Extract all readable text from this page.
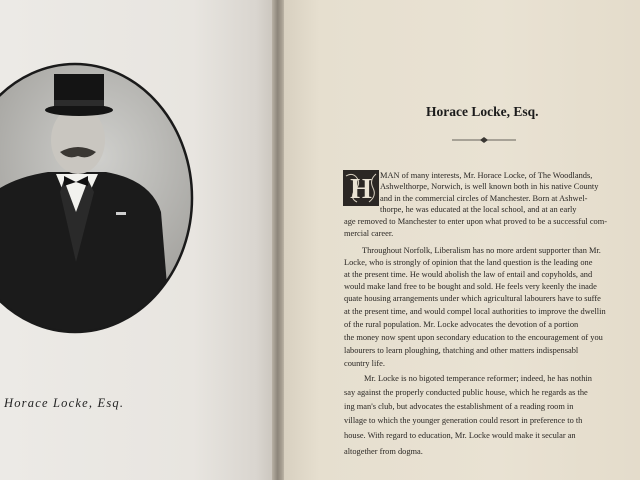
Horace Locke, Esq.

Horace Locke, Esq.
H MAN of many interests, Mr. Horace Locke, of The Woodlands,

Ashwelthorpe, Norwich, is well known both in his native County

and in the commercial circles of Manchester. Born at Ashwel-

thorpe, he was educated at the local school, and at an early

age removed to Manchester to enter upon what proved to be a successful com-

mercial career.

Throughout Norfolk, Liberalism has no more ardent supporter than Mr.

Locke, who is strongly of opinion that the land question is the leading one

at the present time. He would abolish the law of entail and copyholds, and

would make land free to be bought and sold. He feels very keenly the inade

quate housing arrangements under which agricultural labourers have to suffe

at the present time, and would compel local authorities to improve the dwellin

of the rural population. Mr. Locke advocates the devotion of a portion

the money now spent upon secondary education to the encouragement of you

labourers to learn ploughing, thatching and other matters indispensabl

country life.

Mr. Locke is no bigoted temperance reformer; indeed, he has nothin

say against the properly conducted public house, which he regards as the

ing man's club, but advocates the establishment of a reading room in

village to which the younger generation could resort in preference to th

house. With regard to education, Mr. Locke would make it secular an

altogether from dogma.
